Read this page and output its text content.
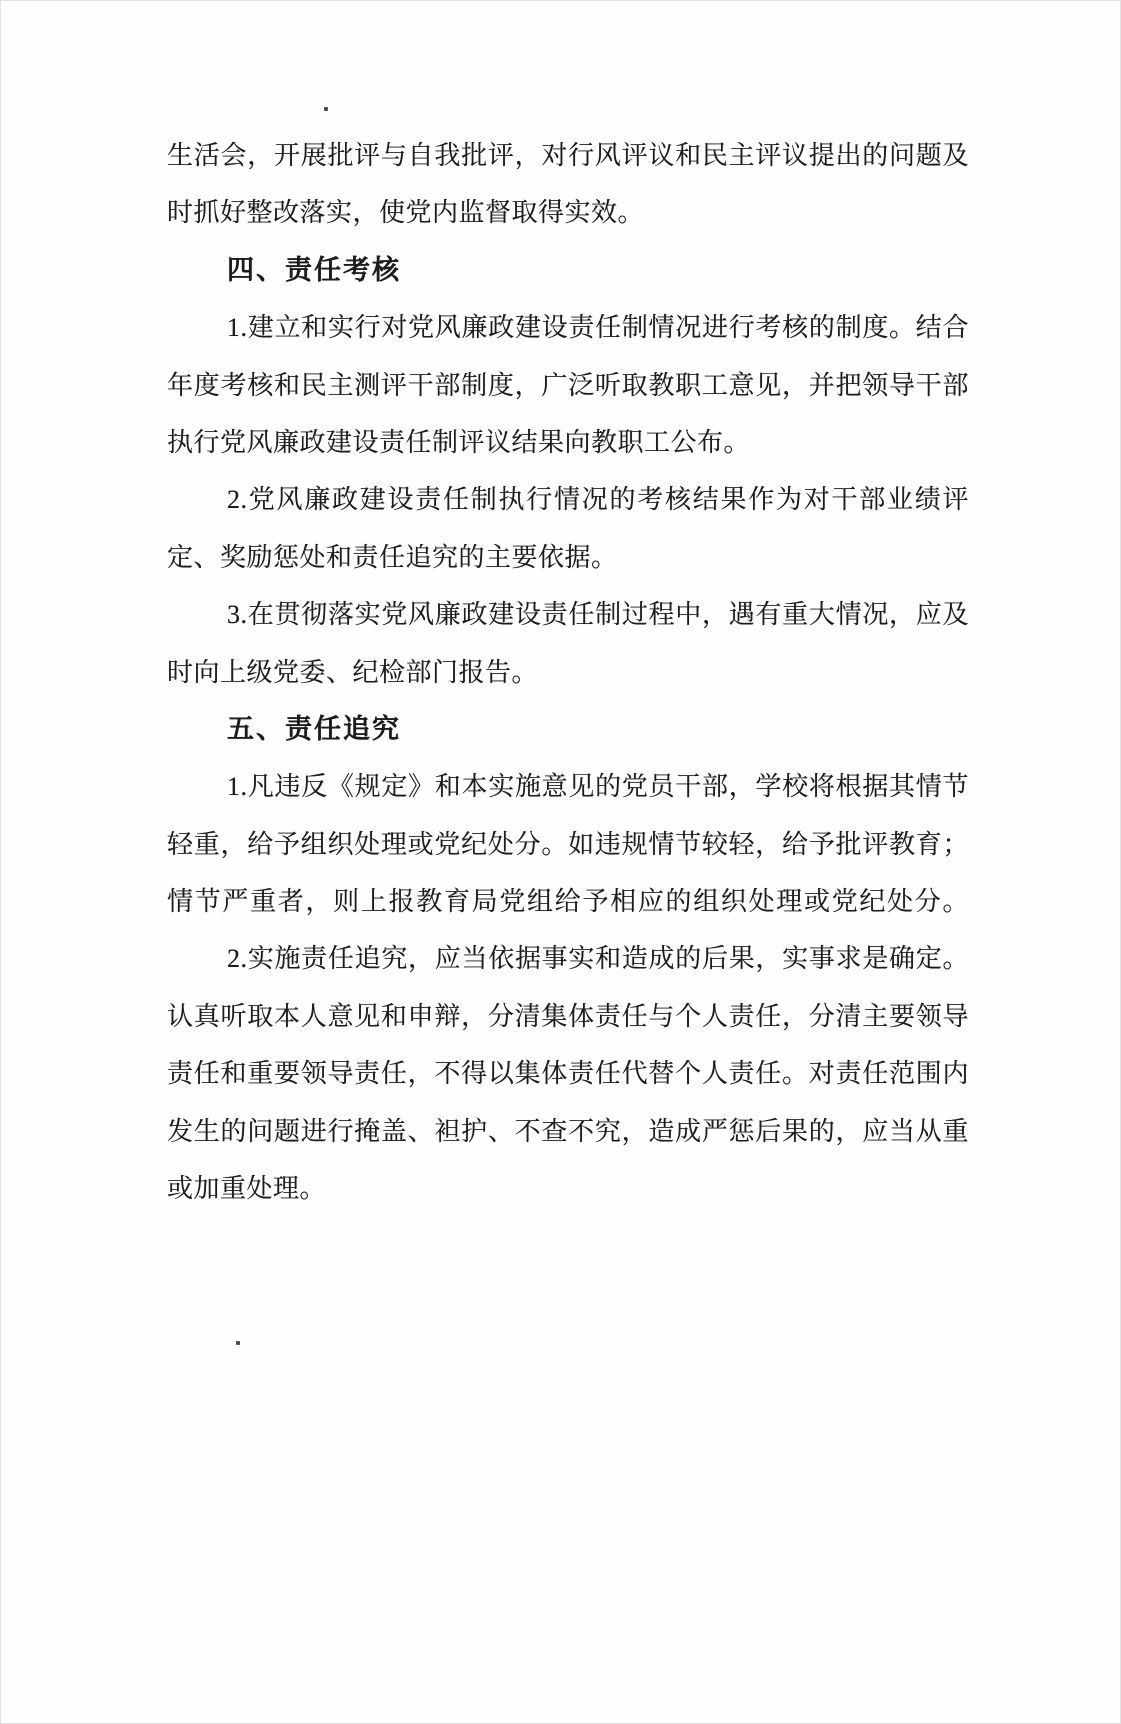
生活会，开展批评与自我批评，对行风评议和民主评议提出的问题及
时抓好整改落实，使党内监督取得实效。
四、责任考核
1.建立和实行对党风廉政建设责任制情况进行考核的制度。结合
年度考核和民主测评干部制度，广泛听取教职工意见，并把领导干部
执行党风廉政建设责任制评议结果向教职工公布。
2.党风廉政建设责任制执行情况的考核结果作为对干部业绩评
定、奖励惩处和责任追究的主要依据。
3.在贯彻落实党风廉政建设责任制过程中，遇有重大情况，应及
时向上级党委、纪检部门报告。
五、责任追究
1.凡违反《规定》和本实施意见的党员干部，学校将根据其情节
轻重，给予组织处理或党纪处分。如违规情节较轻，给予批评教育；
情节严重者，则上报教育局党组给予相应的组织处理或党纪处分。
2.实施责任追究，应当依据事实和造成的后果，实事求是确定。
认真听取本人意见和申辩，分清集体责任与个人责任，分清主要领导
责任和重要领导责任，不得以集体责任代替个人责任。对责任范围内
发生的问题进行掩盖、袒护、不查不究，造成严惩后果的，应当从重
或加重处理。
